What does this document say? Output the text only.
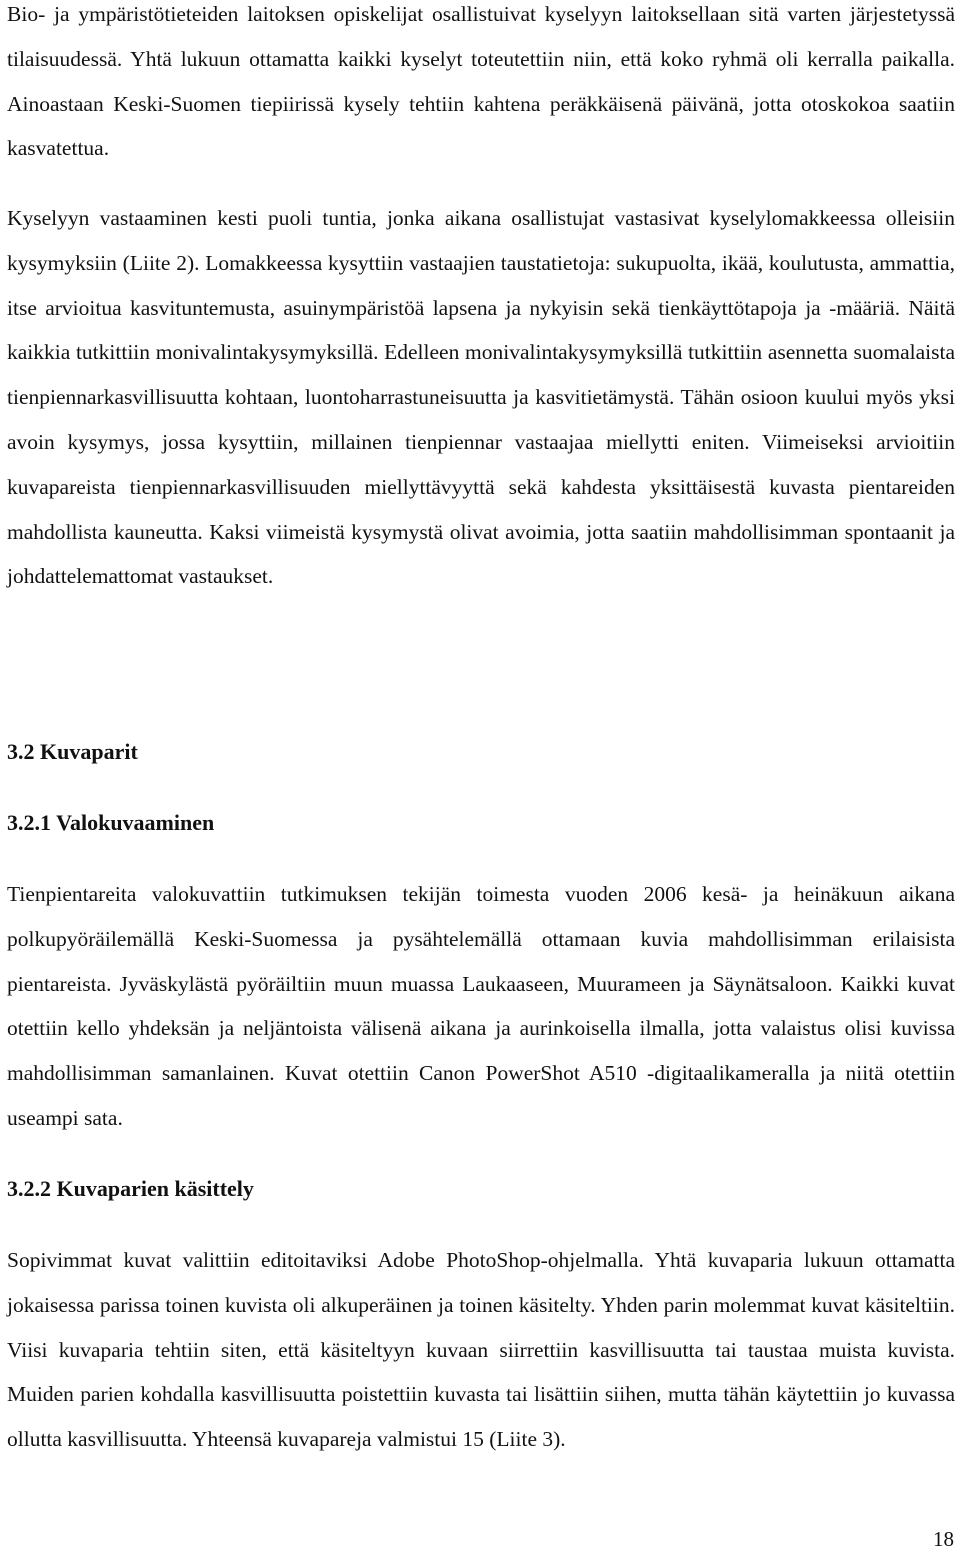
Bio- ja ympäristötieteiden laitoksen opiskelijat osallistuivat kyselyyn laitoksellaan sitä varten järjestetyssä tilaisuudessä. Yhtä lukuun ottamatta kaikki kyselyt toteutettiin niin, että koko ryhmä oli kerralla paikalla. Ainoastaan Keski-Suomen tiepiirissä kysely tehtiin kahtena peräkkäisenä päivänä, jotta otoskokoa saatiin kasvatettua.

Kyselyyn vastaaminen kesti puoli tuntia, jonka aikana osallistujat vastasivat kyselylomakkeessa olleisiin kysymyksiin (Liite 2). Lomakkeessa kysyttiin vastaajien taustatietoja: sukupuolta, ikää, koulutusta, ammattia, itse arvioitua kasvituntemusta, asuinympäristöä lapsena ja nykyisin sekä tienkäyttötapoja ja -määriä. Näitä kaikkia tutkittiin monivalintakysymyksillä. Edelleen monivalintakysymyksillä tutkittiin asennetta suomalaista tienpiennarkasvillisuutta kohtaan, luontoharrastuneisuutta ja kasvitietämystä. Tähän osioon kuului myös yksi avoin kysymys, jossa kysyttiin, millainen tienpiennar vastaajaa miellytti eniten. Viimeiseksi arvioitiin kuvapareista tienpiennarkasvillisuuden miellyttävyyttä sekä kahdesta yksittäisestä kuvasta pientareiden mahdollista kauneutta. Kaksi viimeistä kysymystä olivat avoimia, jotta saatiin mahdollisimman spontaanit ja johdattelemattomat vastaukset.

3.2 Kuvaparit
3.2.1 Valokuvaaminen

Tienpientareita valokuvattiin tutkimuksen tekijän toimesta vuoden 2006 kesä- ja heinäkuun aikana polkupyöräilemällä Keski-Suomessa ja pysähtelemällä ottamaan kuvia mahdollisimman erilaisista pientareista. Jyväskylästä pyöräiltiin muun muassa Laukaaseen, Muurameen ja Säynätsaloon. Kaikki kuvat otettiin kello yhdeksän ja neljäntoista välisenä aikana ja aurinkoisella ilmalla, jotta valaistus olisi kuvissa mahdollisimman samanlainen. Kuvat otettiin Canon PowerShot A510 -digitaalikameralla ja niitä otettiin useampi sata.

3.2.2 Kuvaparien käsittely

Sopivimmat kuvat valittiin editoitaviksi Adobe PhotoShop-ohjelmalla. Yhtä kuvaparia lukuun ottamatta jokaisessa parissa toinen kuvista oli alkuperäinen ja toinen käsitelty. Yhden parin molemmat kuvat käsiteltiin. Viisi kuvaparia tehtiin siten, että käsiteltyyn kuvaan siirrettiin kasvillisuutta tai taustaa muista kuvista. Muiden parien kohdalla kasvillisuutta poistettiin kuvasta tai lisättiin siihen, mutta tähän käytettiin jo kuvassa ollutta kasvillisuutta. Yhteensä kuvapareja valmistui 15 (Liite 3).

18
